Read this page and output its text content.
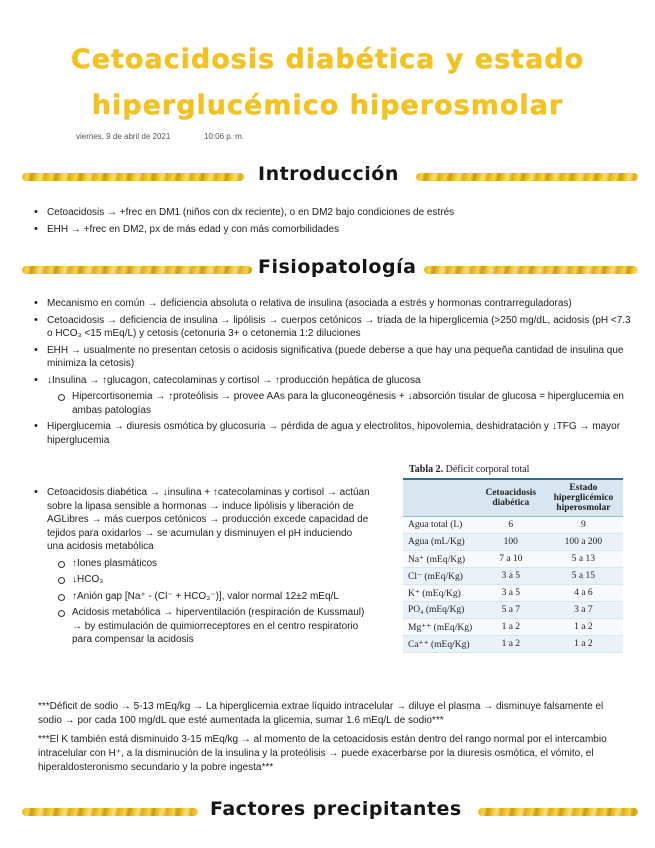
Cetoacidosis diabética y estado
hiperglucémico hiperosmolar
viernes, 9 de abril de 2021	10:06 p. m.
Introducción
• Cetoacidosis → +frec en DM1 (niños con dx reciente), o en DM2 bajo condiciones de estrés
• EHH → +frec en DM2, px de más edad y con más comorbilidades
Fisiopatología
• Mecanismo en común → deficiencia absoluta o relativa de insulina (asociada a estrés y hormonas contrarreguladoras)
• Cetoacidosis → deficiencia de insulina → lipólisis → cuerpos cetónicos → triada de la hiperglicemia (>250 mg/dL, acidosis (pH <7.3 o HCO₃ <15 mEq/L) y cetosis (cetonuria 3+ o cetonemia 1:2 diluciones
• EHH → usualmente no presentan cetosis o acidosis significativa (puede deberse a que hay una pequeña cantidad de insulina que minimiza la cetosis)
• ↓Insulina → ↑glucagon, catecolaminas y cortisol → ↑producción hepática de glucosa
Hipercortisonemia → ↑proteólisis → provee AAs para la gluconeogénesis + ↓absorción tisular de glucosa = hiperglucemia en ambas patologías
• Hiperglucemia → diuresis osmótica by glucosuria → pérdida de agua y electrolitos, hipovolemia, deshidratación y ↓TFG → mayor hiperglucemia
• Cetoacidosis diabética → ↓insulina + ↑catecolaminas y cortisol → actúan sobre la lipasa sensible a hormonas → induce lipólisis y liberación de AGLibres → más cuerpos cetónicos → producción excede capacidad de tejidos para oxidarlos → se acumulan y disminuyen el pH induciendo una acidosis metabólica
↑Iones plasmáticos
↓HCO₃
↑Anión gap [Na⁺ - (Cl⁻ + HCO₃⁻)], valor normal 12±2 mEq/L
Acidosis metabólica → hiperventilación (respiración de Kussmaul) → by estimulación de quimiorreceptores en el centro respiratorio para compensar la acidosis
Tabla 2. Déficit corporal total
	Cetoacidosis diabética	Estado hiperglicémico hiperosmolar
Agua total (L)	6	9
Agua (mL/Kg)	100	100 a 200
Na⁺ (mEq/Kg)	7 a 10	5 a 13
Cl⁻ (mEq/Kg)	3 a 5	5 a 15
K⁺ (mEq/Kg)	3 a 5	4 a 6
PO₄ (mEq/Kg)	5 a 7	3 a 7
Mg⁺⁺ (mEq/Kg)	1 a 2	1 a 2
Ca⁺⁺ (mEq/Kg)	1 a 2	1 a 2
***Déficit de sodio → 5-13 mEq/kg → La hiperglicemia extrae líquido intracelular → diluye el plasma → disminuye falsamente el sodio → por cada 100 mg/dL que esté aumentada la glicemia, sumar 1.6 mEq/L de sodio***
***El K también está disminuido 3-15 mEq/kg → al momento de la cetoacidosis están dentro del rango normal por el intercambio intracelular con H⁺, a la disminución de la insulina y la proteólisis → puede exacerbarse por la diuresis osmótica, el vómito, el hiperaldosteronismo secundario y la pobre ingesta***
Factores precipitantes
